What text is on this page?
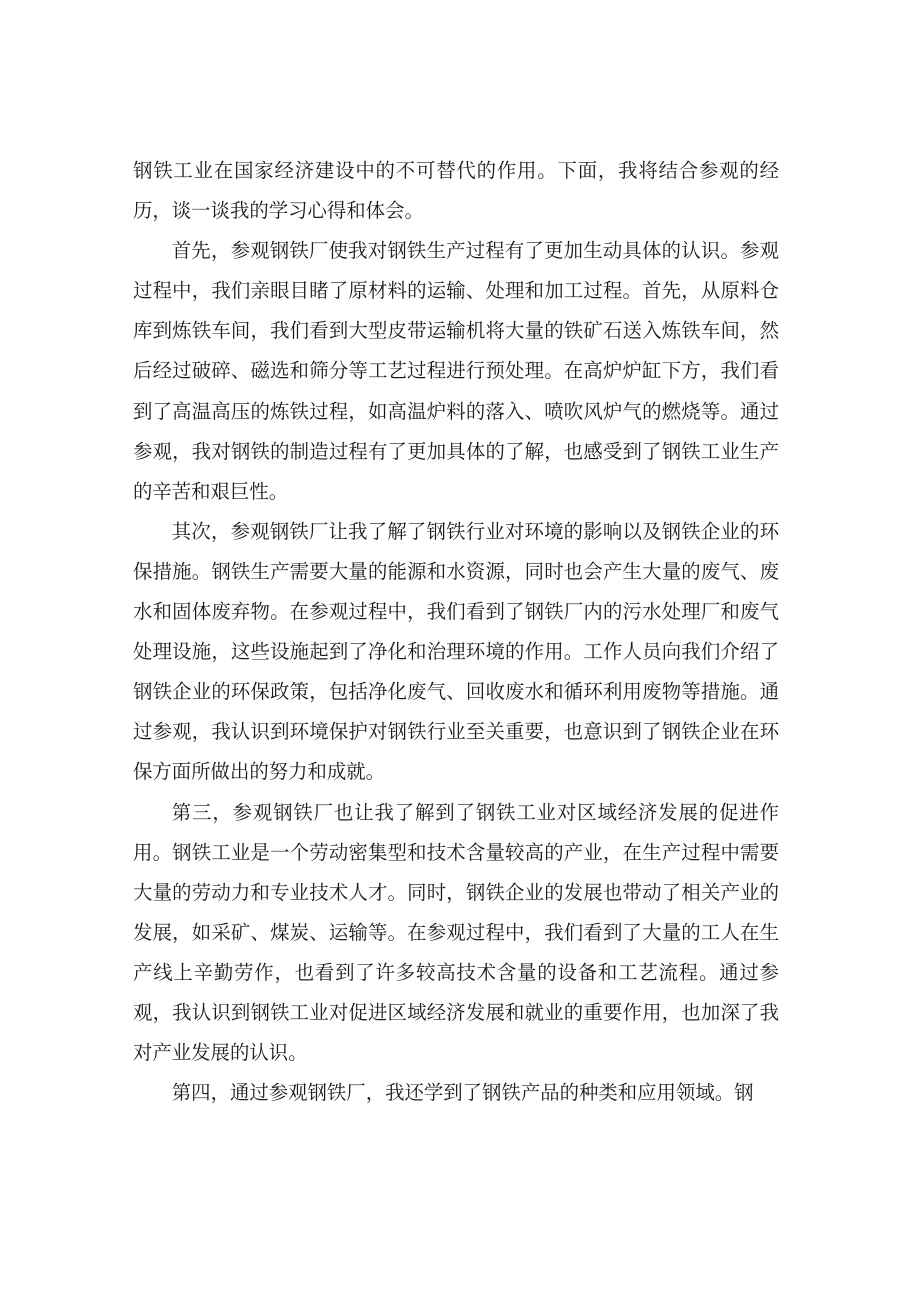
钢铁工业在国家经济建设中的不可替代的作用。下面，我将结合参观的经历，谈一谈我的学习心得和体会。

首先，参观钢铁厂使我对钢铁生产过程有了更加生动具体的认识。参观过程中，我们亲眼目睹了原材料的运输、处理和加工过程。首先，从原料仓库到炼铁车间，我们看到大型皮带运输机将大量的铁矿石送入炼铁车间，然后经过破碎、磁选和筛分等工艺过程进行预处理。在高炉炉缸下方，我们看到了高温高压的炼铁过程，如高温炉料的落入、喷吹风炉气的燃烧等。通过参观，我对钢铁的制造过程有了更加具体的了解，也感受到了钢铁工业生产的辛苦和艰巨性。

其次，参观钢铁厂让我了解了钢铁行业对环境的影响以及钢铁企业的环保措施。钢铁生产需要大量的能源和水资源，同时也会产生大量的废气、废水和固体废弃物。在参观过程中，我们看到了钢铁厂内的污水处理厂和废气处理设施，这些设施起到了净化和治理环境的作用。工作人员向我们介绍了钢铁企业的环保政策，包括净化废气、回收废水和循环利用废物等措施。通过参观，我认识到环境保护对钢铁行业至关重要，也意识到了钢铁企业在环保方面所做出的努力和成就。

第三，参观钢铁厂也让我了解到了钢铁工业对区域经济发展的促进作用。钢铁工业是一个劳动密集型和技术含量较高的产业，在生产过程中需要大量的劳动力和专业技术人才。同时，钢铁企业的发展也带动了相关产业的发展，如采矿、煤炭、运输等。在参观过程中，我们看到了大量的工人在生产线上辛勤劳作，也看到了许多较高技术含量的设备和工艺流程。通过参观，我认识到钢铁工业对促进区域经济发展和就业的重要作用，也加深了我对产业发展的认识。

第四，通过参观钢铁厂，我还学到了钢铁产品的种类和应用领域。钢
